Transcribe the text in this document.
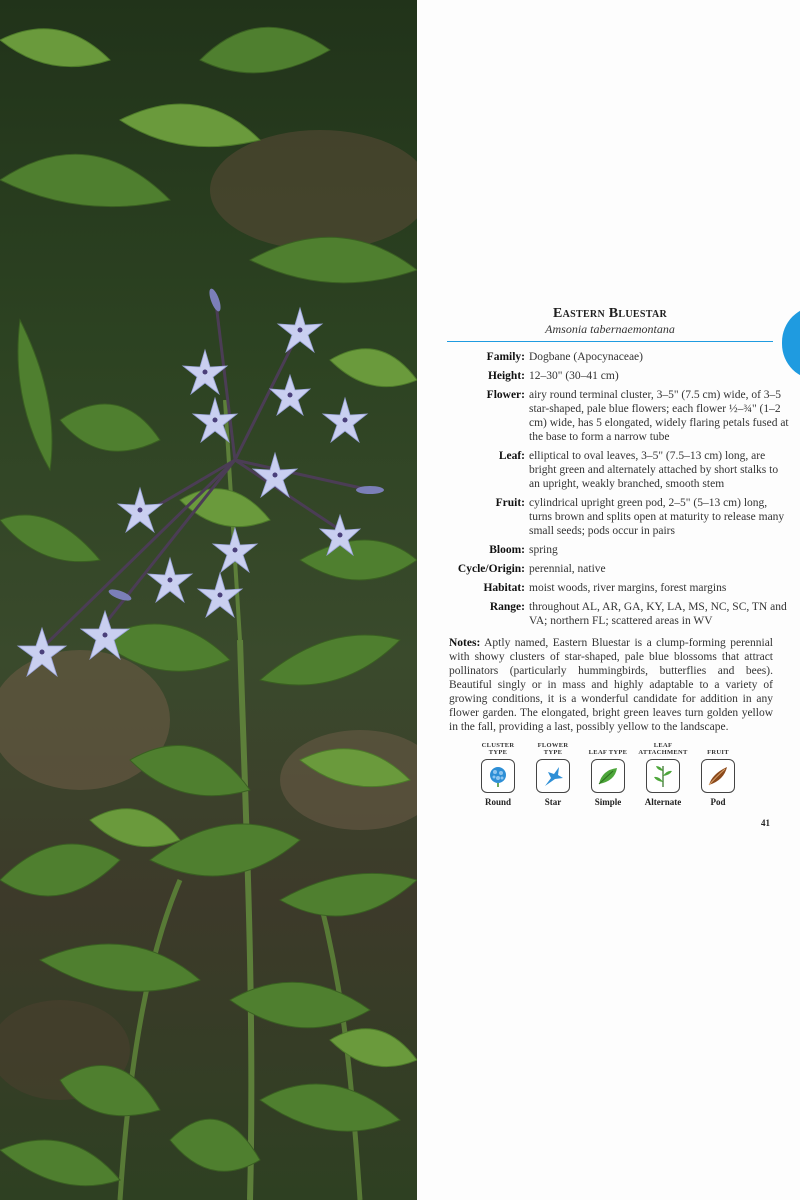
Eastern Bluestar
Amsonia tabernaemontana
Family: Dogbane (Apocynaceae)
Height: 12–30" (30–41 cm)
Flower: airy round terminal cluster, 3–5" (7.5 cm) wide, of 3–5 star-shaped, pale blue flowers; each flower ½–¾" (1–2 cm) wide, has 5 elongated, widely flaring petals fused at the base to form a narrow tube
Leaf: elliptical to oval leaves, 3–5" (7.5–13 cm) long, are bright green and alternately attached by short stalks to an upright, weakly branched, smooth stem
Fruit: cylindrical upright green pod, 2–5" (5–13 cm) long, turns brown and splits open at maturity to release many small seeds; pods occur in pairs
Bloom: spring
Cycle/Origin: perennial, native
Habitat: moist woods, river margins, forest margins
Range: throughout AL, AR, GA, KY, LA, MS, NC, SC, TN and VA; northern FL; scattered areas in WV
Notes: Aptly named, Eastern Bluestar is a clump-forming perennial with showy clusters of star-shaped, pale blue blossoms that attract pollinators (particularly hummingbirds, butterflies and bees). Beautiful singly or in mass and highly adaptable to a variety of growing conditions, it is a wonderful candidate for addition in any flower garden. The elongated, bright green leaves turn golden yellow in the fall, providing a last, possibly yellow to the landscape.
CLUSTER TYPE
Round
FLOWER TYPE
Star
LEAF TYPE
Simple
LEAF ATTACHMENT
Alternate
FRUIT
Pod
41
